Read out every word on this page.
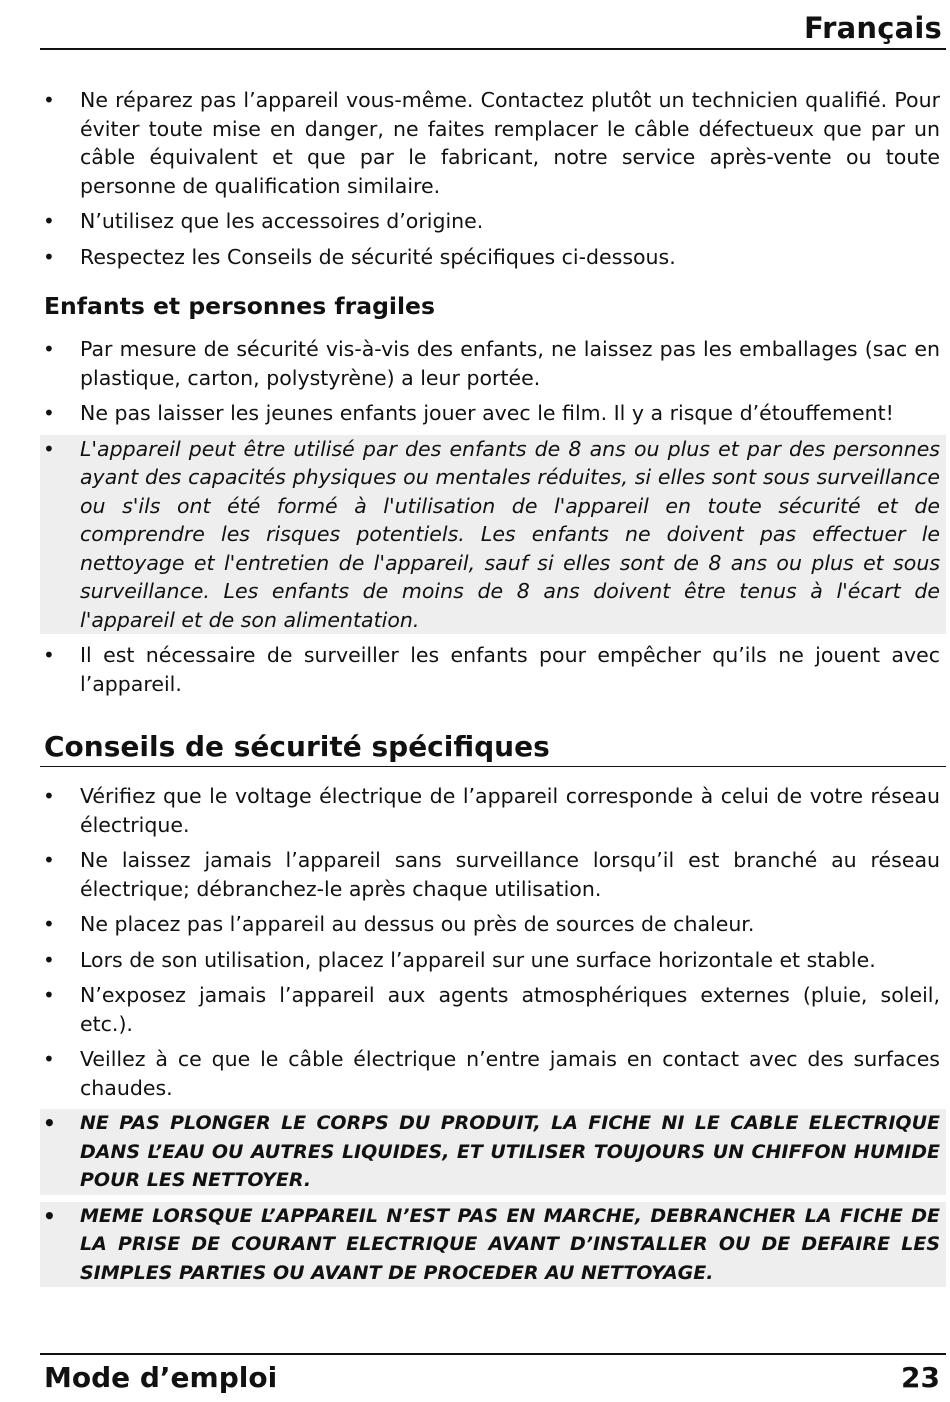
Français
• Ne réparez pas l’appareil vous-même. Contactez plutôt un technicien qualifié. Pour éviter toute mise en danger, ne faites remplacer le câble défectueux que par un câble équivalent et que par le fabricant, notre service après-vente ou toute personne de qualification similaire.
• N’utilisez que les accessoires d’origine.
• Respectez les Conseils de sécurité spécifiques ci-dessous.
Enfants et personnes fragiles
• Par mesure de sécurité vis-à-vis des enfants, ne laissez pas les emballages (sac en plastique, carton, polystyrène) a leur portée.
• Ne pas laisser les jeunes enfants jouer avec le film. Il y a risque d’étouffement!
• L'appareil peut être utilisé par des enfants de 8 ans ou plus et par des personnes ayant des capacités physiques ou mentales réduites, si elles sont sous surveillance ou s'ils ont été formé à l'utilisation de l'appareil en toute sécurité et de comprendre les risques potentiels. Les enfants ne doivent pas effectuer le nettoyage et l'entretien de l'appareil, sauf si elles sont de 8 ans ou plus et sous surveillance. Les enfants de moins de 8 ans doivent être tenus à l'écart de l'appareil et de son alimentation.
• Il est nécessaire de surveiller les enfants pour empêcher qu’ils ne jouent avec l’appareil.
Conseils de sécurité spécifiques
• Vérifiez que le voltage électrique de l’appareil corresponde à celui de votre réseau électrique.
• Ne laissez jamais l’appareil sans surveillance lorsqu’il est branché au réseau électrique; débranchez-le après chaque utilisation.
• Ne placez pas l’appareil au dessus ou près de sources de chaleur.
• Lors de son utilisation, placez l’appareil sur une surface horizontale et stable.
• N’exposez jamais l’appareil aux agents atmosphériques externes (pluie, soleil, etc.).
• Veillez à ce que le câble électrique n’entre jamais en contact avec des surfaces chaudes.
• NE PAS PLONGER LE CORPS DU PRODUIT, LA FICHE NI LE CABLE ELECTRIQUE DANS L’EAU OU AUTRES LIQUIDES, ET UTILISER TOUJOURS UN CHIFFON HUMIDE POUR LES NETTOYER.
• MEME LORSQUE L’APPAREIL N’EST PAS EN MARCHE, DEBRANCHER LA FICHE DE LA PRISE DE COURANT ELECTRIQUE AVANT D’INSTALLER OU DE DEFAIRE LES SIMPLES PARTIES OU AVANT DE PROCEDER AU NETTOYAGE.
Mode d’emploi	23
